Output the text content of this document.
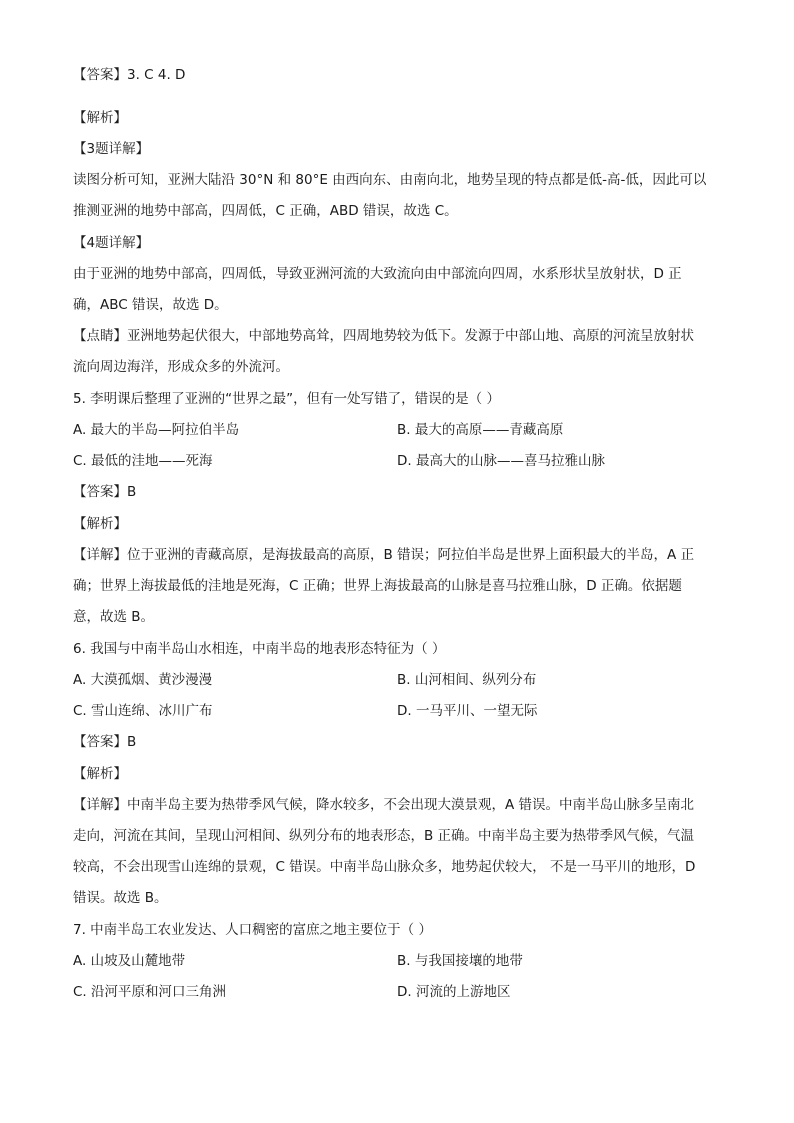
【答案】3. C 4. D
【解析】
【3题详解】
读图分析可知，亚洲大陆沿 30°N 和 80°E 由西向东、由南向北，地势呈现的特点都是低-高-低，因此可以
推测亚洲的地势中部高，四周低，C 正确，ABD 错误，故选 C。
【4题详解】
由于亚洲的地势中部高，四周低，导致亚洲河流的大致流向由中部流向四周，水系形状呈放射状，D 正
确，ABC 错误，故选 D。
【点睛】亚洲地势起伏很大，中部地势高耸，四周地势较为低下。发源于中部山地、高原的河流呈放射状
流向周边海洋，形成众多的外流河。
5. 李明课后整理了亚洲的“世界之最”，但有一处写错了，错误的是（ ）
A. 最大的半岛—阿拉伯半岛	B. 最大的高原——青藏高原
C. 最低的洼地——死海	D. 最高大的山脉——喜马拉雅山脉
【答案】B
【解析】
【详解】位于亚洲的青藏高原，是海拔最高的高原，B 错误；阿拉伯半岛是世界上面积最大的半岛，A 正
确；世界上海拔最低的洼地是死海，C 正确；世界上海拔最高的山脉是喜马拉雅山脉，D 正确。依据题
意，故选 B。
6. 我国与中南半岛山水相连，中南半岛的地表形态特征为（ ）
A. 大漠孤烟、黄沙漫漫	B. 山河相间、纵列分布
C. 雪山连绵、冰川广布	D. 一马平川、一望无际
【答案】B
【解析】
【详解】中南半岛主要为热带季风气候，降水较多，不会出现大漠景观，A 错误。中南半岛山脉多呈南北
走向，河流在其间，呈现山河相间、纵列分布的地表形态，B 正确。中南半岛主要为热带季风气候，气温
较高，不会出现雪山连绵的景观，C 错误。中南半岛山脉众多，地势起伏较大， 不是一马平川的地形，D
错误。故选 B。
7. 中南半岛工农业发达、人口稠密的富庶之地主要位于（ ）
A. 山坡及山麓地带	B. 与我国接壤的地带
C. 沿河平原和河口三角洲	D. 河流的上游地区
